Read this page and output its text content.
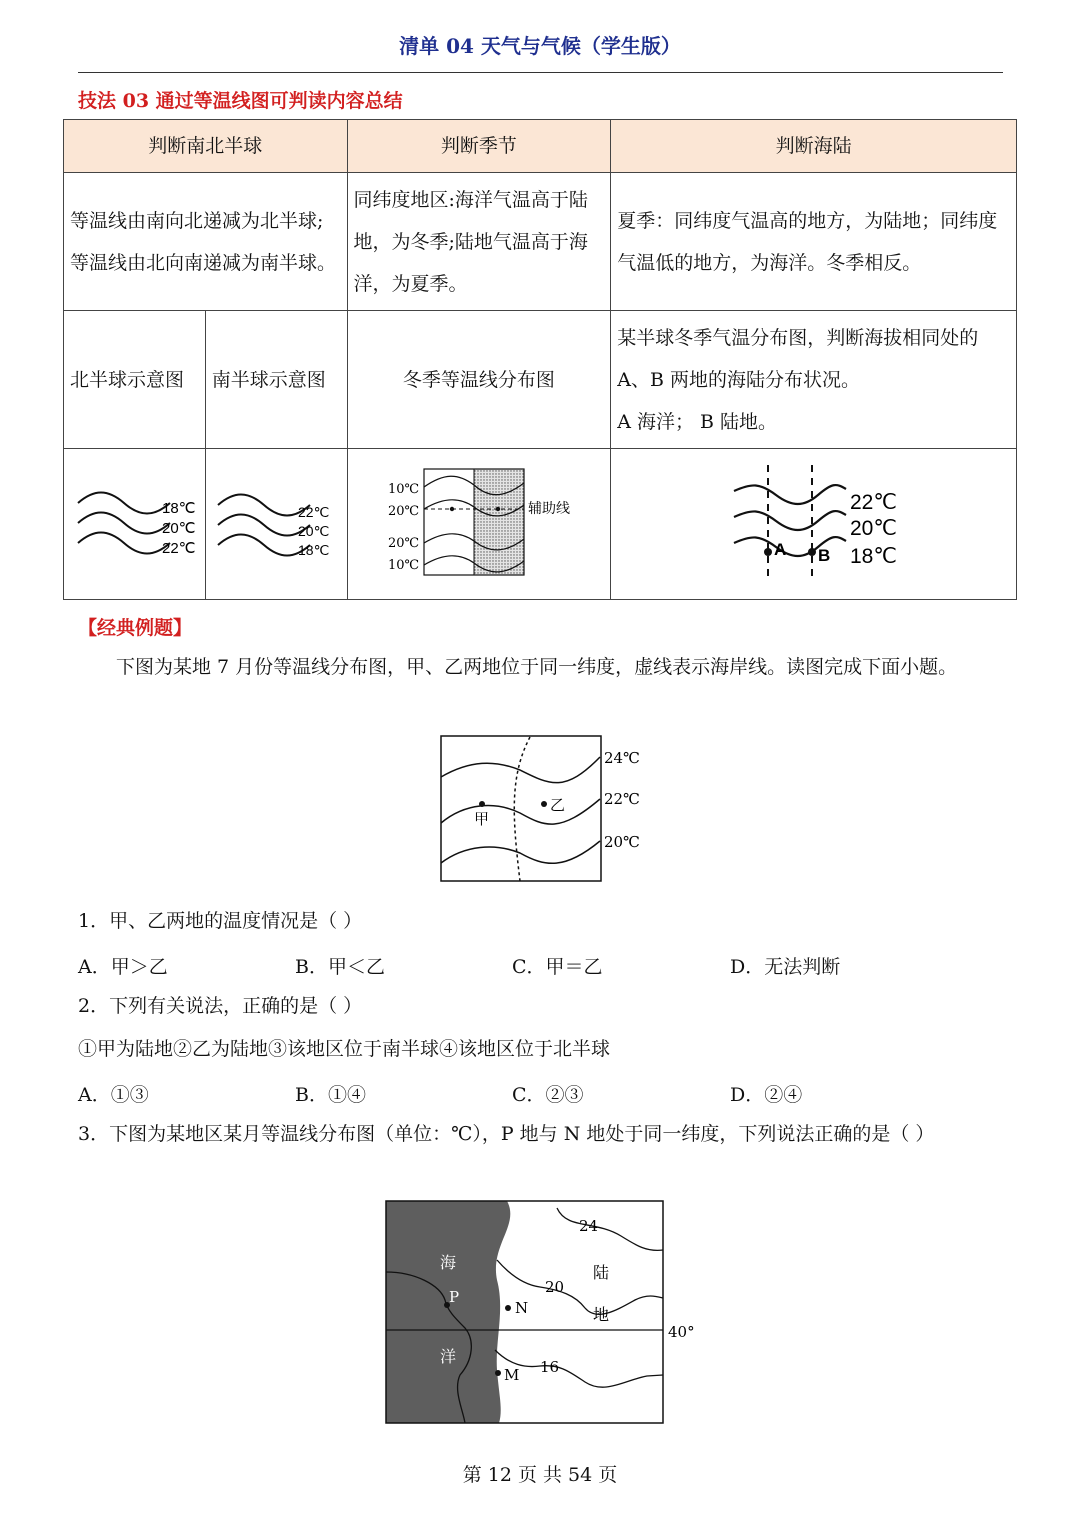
清单 04 天气与气候（学生版）
技法 03 通过等温线图可判读内容总结
判断南北半球		判断季节	判断海陆
等温线由南向北递减为北半球;等温线由北向南递减为南半球。		同纬度地区:海洋气温高于陆地，为冬季;陆地气温高于海洋，为夏季。	夏季：同纬度气温高的地方，为陆地；同纬度气温低的地方，为海洋。冬季相反。
北半球示意图	南半球示意图	冬季等温线分布图	某半球冬季气温分布图，判断海拔相同处的 A、B 两地的海陆分布状况。
A 海洋； B 陆地。

18℃
20℃
22℃	22℃
20℃
18℃	10℃
20℃
20℃
10℃
辅助线	A B
22℃
20℃
18℃
【经典例题】
下图为某地 7 月份等温线分布图，甲、乙两地位于同一纬度，虚线表示海岸线。读图完成下面小题。
甲
乙
24℃
22℃
20℃
1．甲、乙两地的温度情况是（ ）
A．甲＞乙	B．甲＜乙	C．甲＝乙	D．无法判断
2．下列有关说法，正确的是（ ）
①甲为陆地②乙为陆地③该地区位于南半球④该地区位于北半球
A．①③	B．①④	C．②③	D．②④
3．下图为某地区某月等温线分布图（单位：℃），P 地与 N 地处于同一纬度，下列说法正确的是（ ）
海
洋
陆
地
24
20
16
40°
P
N
M
第 12 页 共 54 页
